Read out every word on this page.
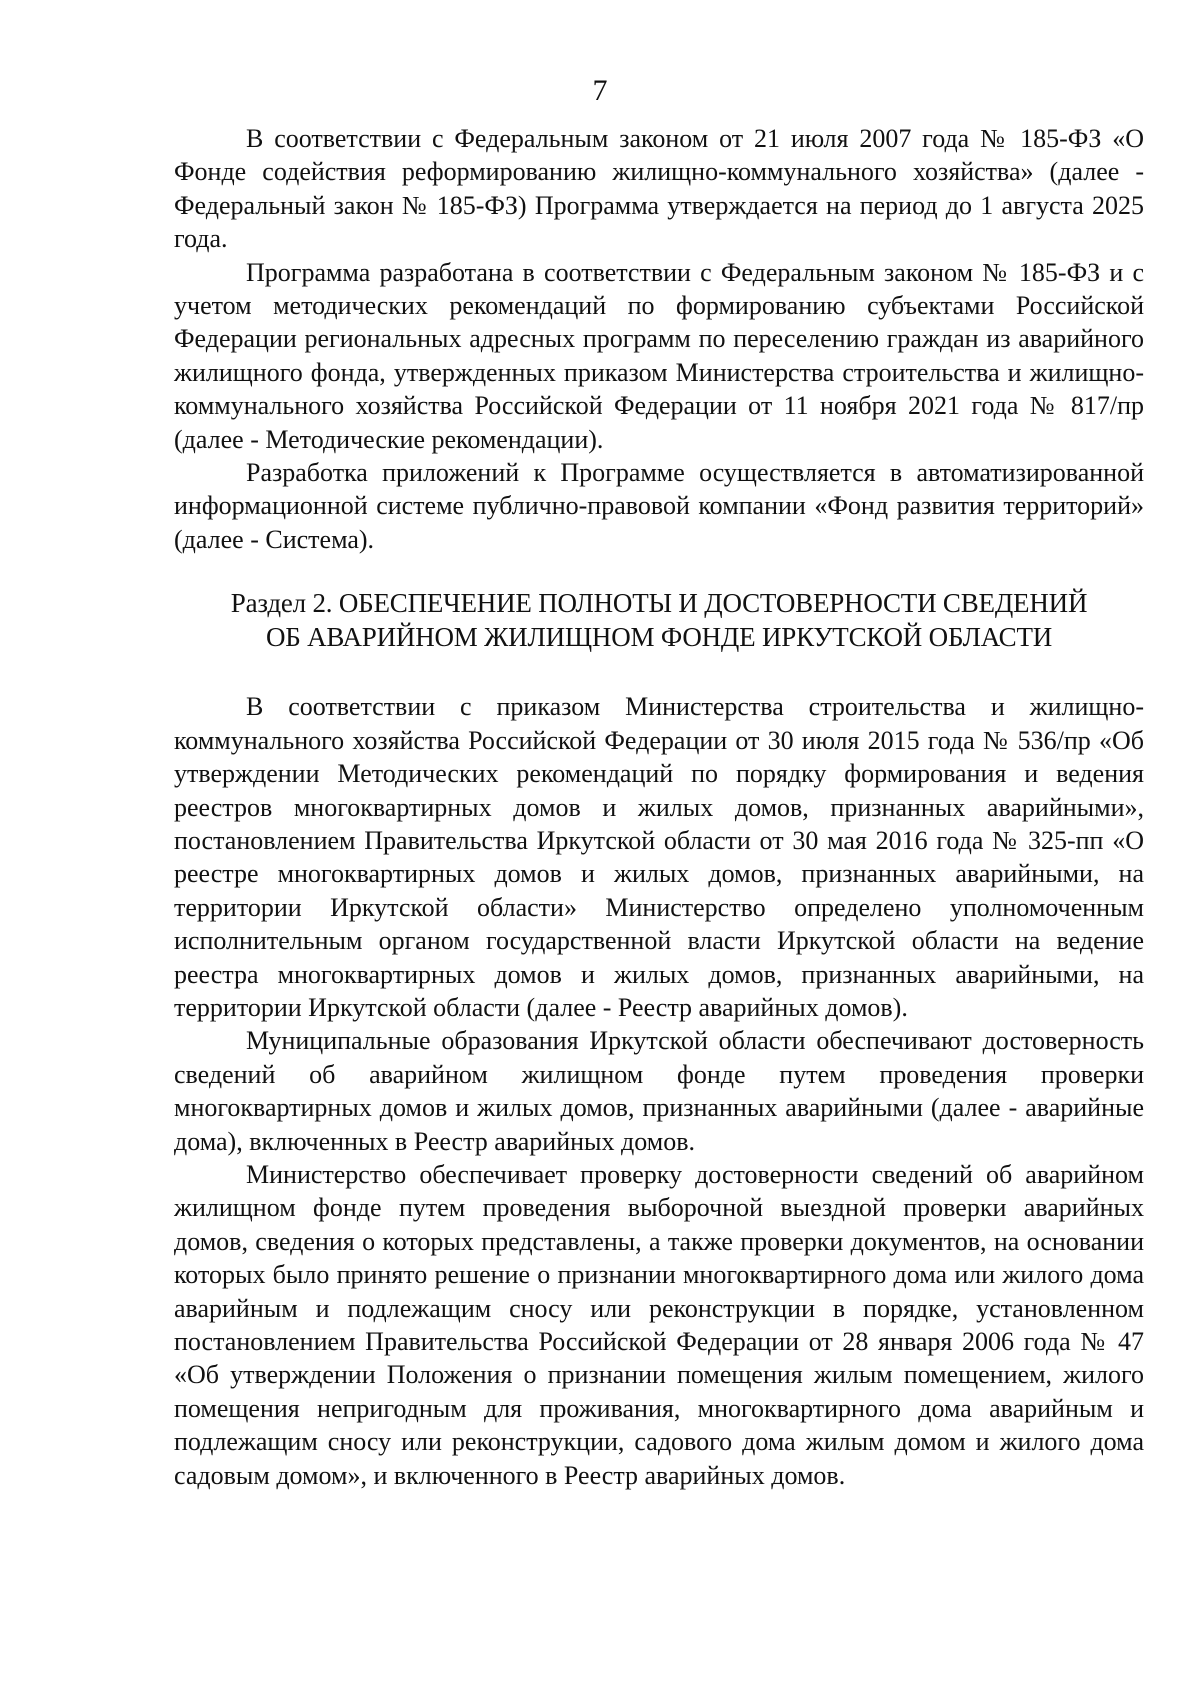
7

В соответствии с Федеральным законом от 21 июля 2007 года № 185-ФЗ «О Фонде содействия реформированию жилищно-коммунального хозяйства» (далее - Федеральный закон № 185-ФЗ) Программа утверждается на период до 1 августа 2025 года.

Программа разработана в соответствии с Федеральным законом № 185-ФЗ и с учетом методических рекомендаций по формированию субъектами Российской Федерации региональных адресных программ по переселению граждан из аварийного жилищного фонда, утвержденных приказом Министерства строительства и жилищно-коммунального хозяйства Российской Федерации от 11 ноября 2021 года № 817/пр (далее - Методические рекомендации).

Разработка приложений к Программе осуществляется в автоматизированной информационной системе публично-правовой компании «Фонд развития территорий» (далее - Система).

Раздел 2. ОБЕСПЕЧЕНИЕ ПОЛНОТЫ И ДОСТОВЕРНОСТИ СВЕДЕНИЙ
ОБ АВАРИЙНОМ ЖИЛИЩНОМ ФОНДЕ ИРКУТСКОЙ ОБЛАСТИ

В соответствии с приказом Министерства строительства и жилищно-коммунального хозяйства Российской Федерации от 30 июля 2015 года № 536/пр «Об утверждении Методических рекомендаций по порядку формирования и ведения реестров многоквартирных домов и жилых домов, признанных аварийными», постановлением Правительства Иркутской области от 30 мая 2016 года № 325-пп «О реестре многоквартирных домов и жилых домов, признанных аварийными, на территории Иркутской области» Министерство определено уполномоченным исполнительным органом государственной власти Иркутской области на ведение реестра многоквартирных домов и жилых домов, признанных аварийными, на территории Иркутской области (далее - Реестр аварийных домов).

Муниципальные образования Иркутской области обеспечивают достоверность сведений об аварийном жилищном фонде путем проведения проверки многоквартирных домов и жилых домов, признанных аварийными (далее - аварийные дома), включенных в Реестр аварийных домов.

Министерство обеспечивает проверку достоверности сведений об аварийном жилищном фонде путем проведения выборочной выездной проверки аварийных домов, сведения о которых представлены, а также проверки документов, на основании которых было принято решение о признании многоквартирного дома или жилого дома аварийным и подлежащим сносу или реконструкции в порядке, установленном постановлением Правительства Российской Федерации от 28 января 2006 года № 47 «Об утверждении Положения о признании помещения жилым помещением, жилого помещения непригодным для проживания, многоквартирного дома аварийным и подлежащим сносу или реконструкции, садового дома жилым домом и жилого дома садовым домом», и включенного в Реестр аварийных домов.
